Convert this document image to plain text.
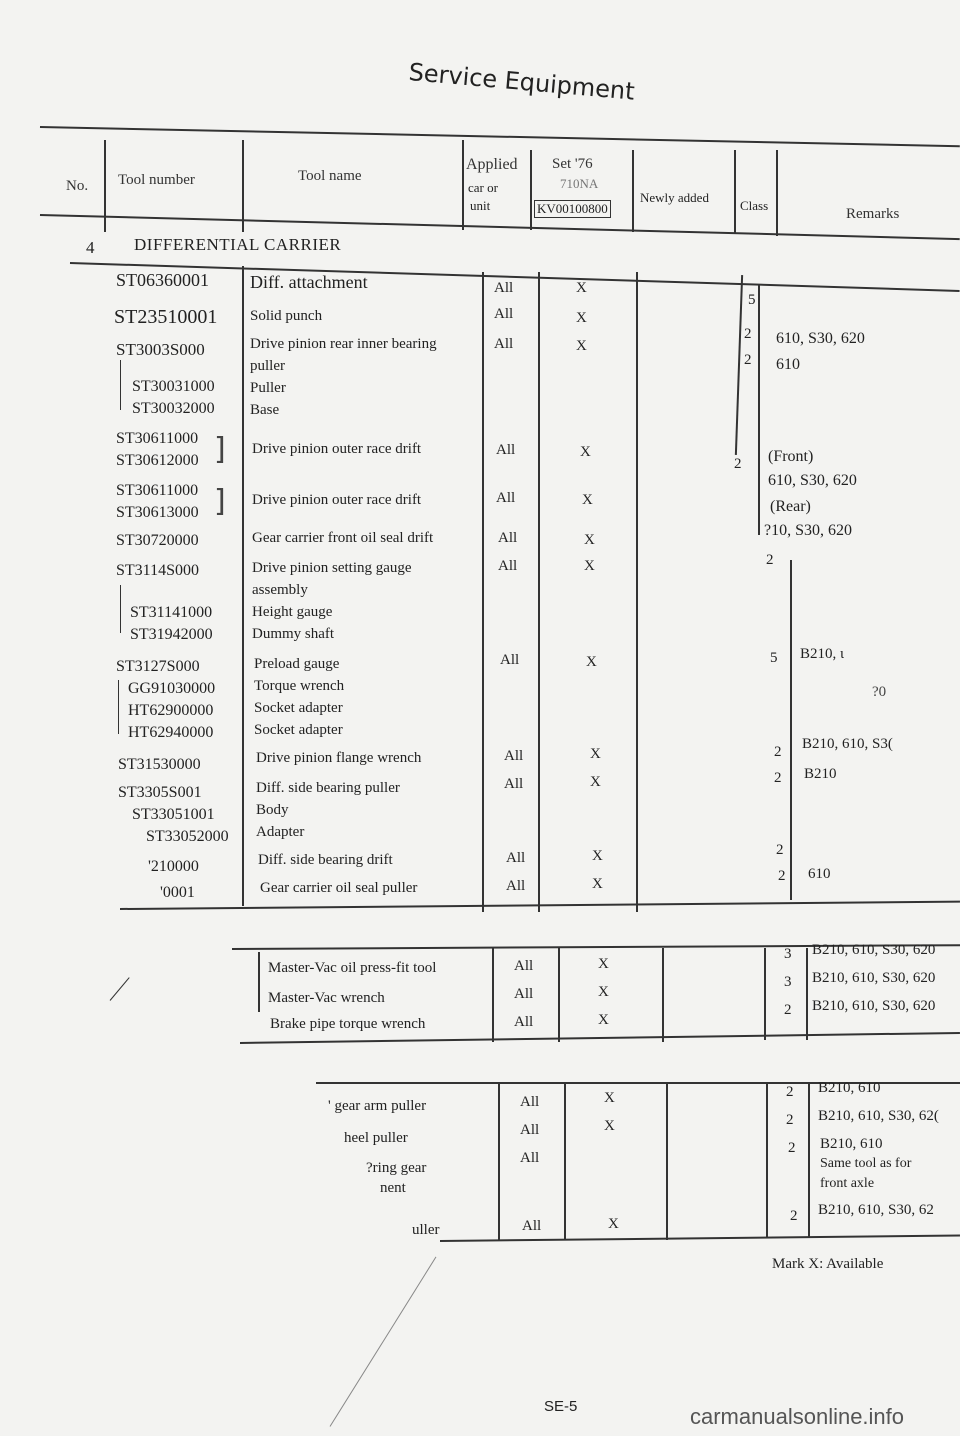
Service Equipment
No. Tool number	Tool name
Applied
car or
unit
Set '76
710NA
KV00100800
Newly added
Class
Remarks
4 DIFFERENTIAL CARRIER
ST06360001
ST23510001
ST3003S000
ST30031000
ST30032000
ST30611000
ST30612000
ST30611000
ST30613000
ST30720000
ST3114S000
ST31141000
ST31942000
ST3127S000
GG91030000
HT62900000
HT62940000
ST31530000
ST3305S001
ST33051001
ST33052000
'210000
'0001
]
]
Diff. attachment
Solid punch
Drive pinion rear inner bearing
puller
Puller
Base
Drive pinion outer race drift
Drive pinion outer race drift
Gear carrier front oil seal drift
Drive pinion setting gauge
assembly
Height gauge
Dummy shaft
Preload gauge
Torque wrench
Socket adapter
Socket adapter
Drive pinion flange wrench
Diff. side bearing puller
Body
Adapter
Diff. side bearing drift
Gear carrier oil seal puller
All
All
All
All
All
All
All
All
All
All
All
All
X
X
X
X
X
X
X
X
X
X
X
X
5
2
2
2
2
5
2
2
2
2
610, S30, 620
610
(Front)
610, S30, 620
(Rear)
?10, S30, 620
B210, ι
?0
B210, 610, S3(
B210
610
Master-Vac oil press-fit tool
Master-Vac wrench
Brake pipe torque wrench
All
All
All
X
X
X
3
3
2
B210, 610, S30, 620
B210, 610, S30, 620
B210, 610, S30, 620
' gear arm puller
heel puller
?ring gear
nent
uller
All
All
All
All
X
X
X
2
2
2
2
B210, 610
B210, 610, S30, 62(
B210, 610
Same tool as for
front axle
B210, 610, S30, 62
Mark X: Available
SE-5	carmanualsonline.info
